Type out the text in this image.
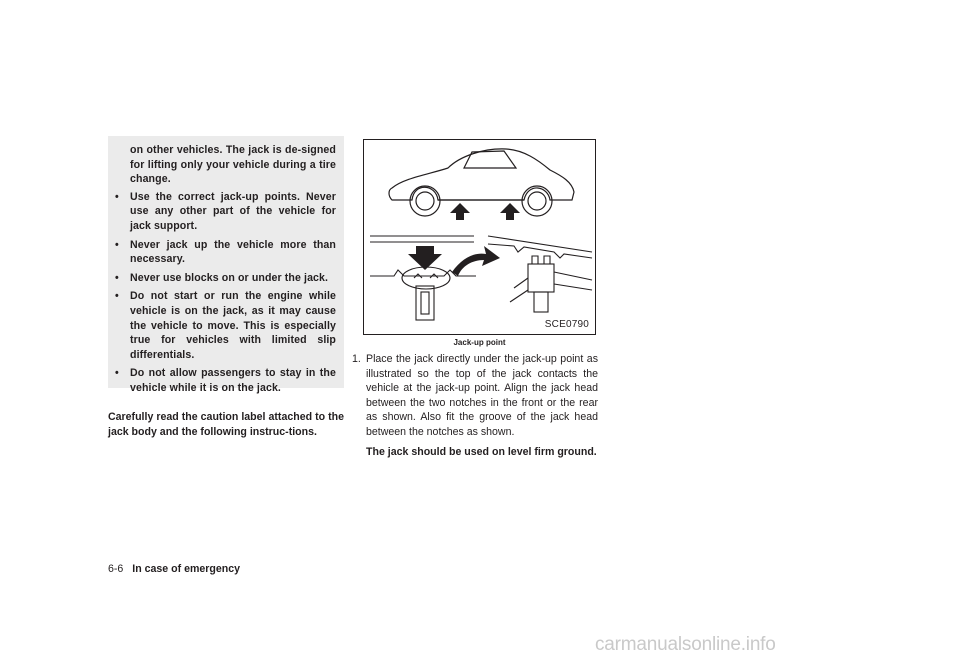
on other vehicles. The jack is de-signed for lifting only your vehicle during a tire change.
• Use the correct jack-up points. Never use any other part of the vehicle for jack support.
• Never jack up the vehicle more than necessary.
• Never use blocks on or under the jack.
• Do not start or run the engine while vehicle is on the jack, as it may cause the vehicle to move. This is especially true for vehicles with limited slip differentials.
• Do not allow passengers to stay in the vehicle while it is on the jack.
Carefully read the caution label attached to the jack body and the following instruc-tions.
SCE0790
Jack-up point
1. Place the jack directly under the jack-up point as illustrated so the top of the jack contacts the vehicle at the jack-up point. Align the jack head between the two notches in the front or the rear as shown. Also fit the groove of the jack head between the notches as shown.
The jack should be used on level firm ground.
6-6 In case of emergency
carmanualsonline.info
